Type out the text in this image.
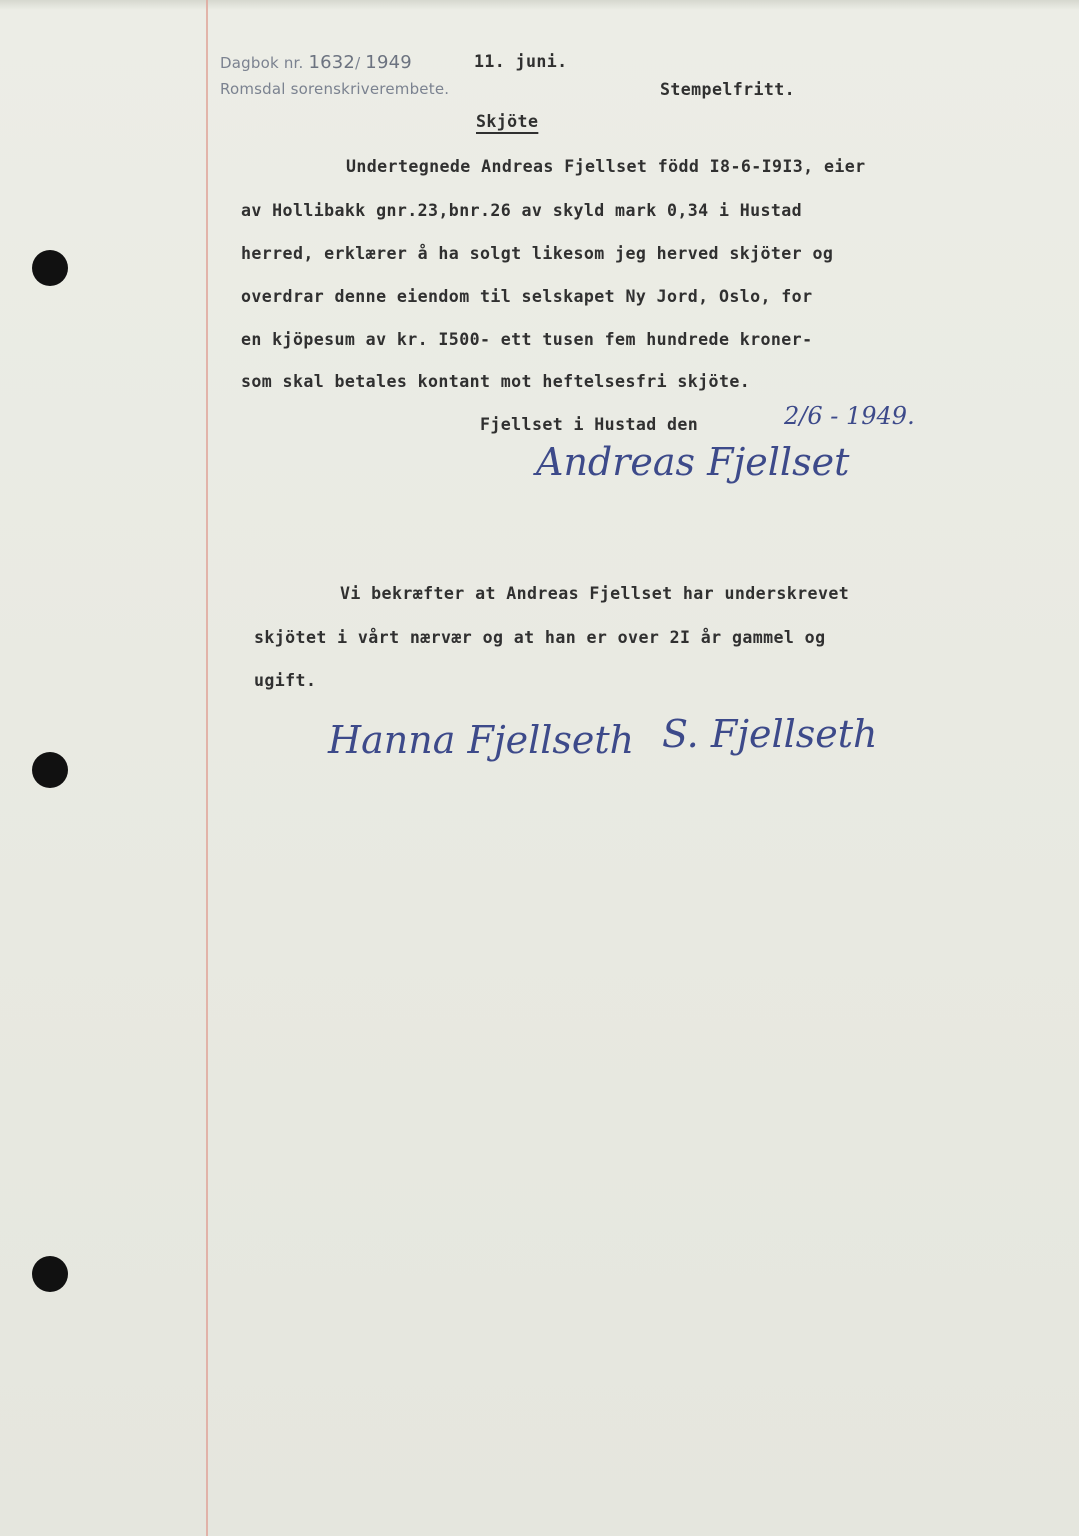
Dagbok nr. 1632/ 1949
Romsdal sorenskriverembete.
11. juni.
Stempelfritt.
Skjöte
Undertegnede Andreas Fjellset född I8-6-I9I3, eier
av Hollibakk gnr.23,bnr.26 av skyld mark 0,34 i Hustad
herred, erklærer å ha solgt likesom jeg herved skjöter og
overdrar denne eiendom til selskapet Ny Jord, Oslo, for
en kjöpesum av kr. I500- ett tusen fem hundrede kroner-
som skal betales kontant mot heftelsesfri skjöte.
Fjellset i Hustad den	2/6 - 1949.
Andreas Fjellset
Vi bekræfter at Andreas Fjellset har underskrevet
skjötet i vårt nærvær og at han er over 2I år gammel og
ugift.
Hanna Fjellseth S. Fjellseth
